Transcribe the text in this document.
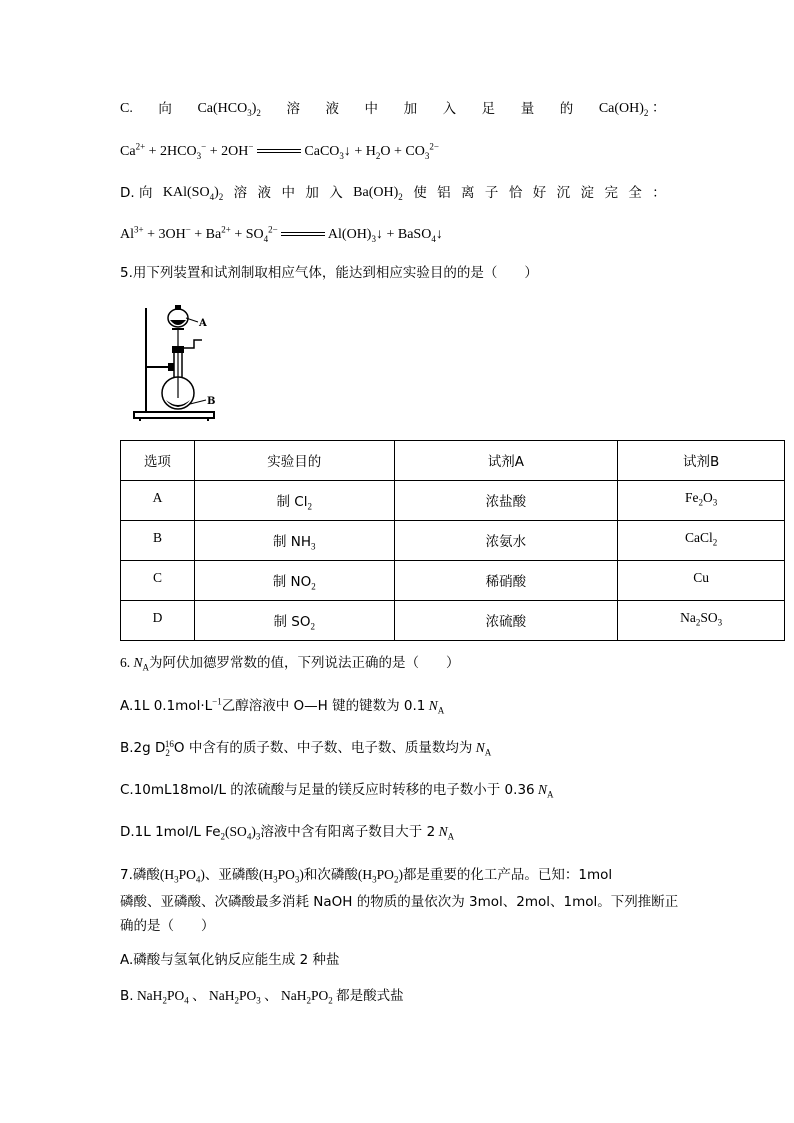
C. 向 $Ca(HCO_3)_2$ 溶 液 中 加 入 足 量 的 $Ca(OH)_2$ ：
$Ca^{2+} + 2HCO_3^- + 2OH^-$	CaCO$_3$↓ + $H_2O + CO_3^{2-}$
D. 向 $KAl(SO_4)_2$ 溶 液 中 加 入 $Ba(OH)_2$ 使 铝 离 子 恰 好 沉 淀 完 全 ：
$Al^{3+} + 3OH^- + Ba^{2+} + SO_4^{2-}$	$Al(OH)_3↓$ + BaSO$_4$↓
5.用下列装置和试剂制取相应气体，能达到相应实验目的的是（　　）
A
B
选项	实验目的	试剂A	试剂B
A	制 $Cl_2$	浓盐酸	$Fe_2O_3$
B	制 $NH_3$	浓氨水	CaCl$_2$
C	制 $NO_2$	稀硝酸	Cu
D	制 $SO_2$	浓硫酸	$Na_2SO_3$
6. $N_A$为阿伏加德罗常数的值，下列说法正确的是（　　）
A.1L $0.1mol\cdot L^{-1}$乙醇溶液中 O—H 键的键数为 0.1 $N_A$
B.2g $D_2^{16}O$ 中含有的质子数、中子数、电子数、质量数均为 $N_A$
C.10mL18mol/L 的浓硫酸与足量的镁反应时转移的电子数小于 0.36 $N_A$
D.1L 1mol/L $Fe_2(SO_4)_3$溶液中含有阳离子数目大于 2 $N_A$
7.磷酸$(H_3PO_4)$、亚磷酸$(H_3PO_3)$和次磷酸$(H_3PO_2)$都是重要的化工产品。已知：1mol
磷酸、亚磷酸、次磷酸最多消耗 NaOH 的物质的量依次为 3mol、2mol、1mol。下列推断正
确的是（　　）
A.磷酸与氢氧化钠反应能生成 2 种盐
B. $NaH_2PO_4$ 、 $NaH_2PO_3$ 、 $NaH_2PO_2$ 都是酸式盐
